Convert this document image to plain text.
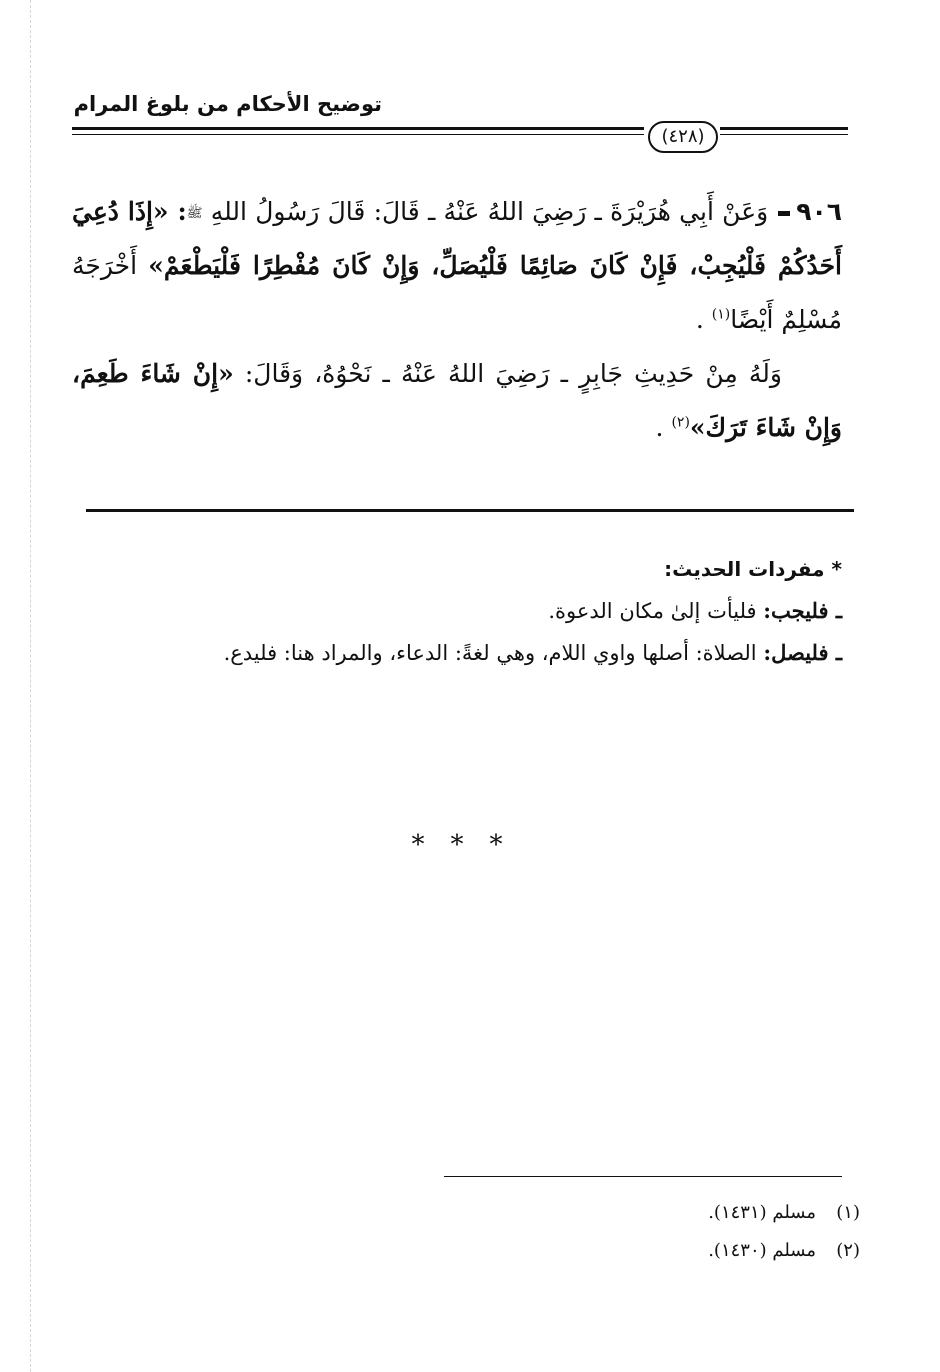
توضيح الأحكام من بلوغ المرام
(٤٢٨)

٩٠٦وَعَنْ أَبِي هُرَيْرَةَ ـ رَضِيَ اللهُ عَنْهُ ـ قَالَ: قَالَ رَسُولُ اللهِ ﷺ: «إِذَا دُعِيَ أَحَدُكُمْ فَلْيُجِبْ، فَإِنْ كَانَ صَائِمًا فَلْيُصَلِّ، وَإِنْ كَانَ مُفْطِرًا فَلْيَطْعَمْ» أَخْرَجَهُ مُسْلِمٌ أَيْضًا$^{(١)}$ .

وَلَهُ مِنْ حَدِيثِ جَابِرٍ ـ رَضِيَ اللهُ عَنْهُ ـ نَحْوُهُ، وَقَالَ: «إِنْ شَاءَ طَعِمَ، وَإِنْ شَاءَ تَرَكَ»$^{(٢)}$ .

* مفردات الحديث:
ـ فليجب: فليأت إلىٰ مكان الدعوة.
ـ فليصل: الصلاة: أصلها واوي اللام، وهي لغةً: الدعاء، والمراد هنا: فليدع.
***
(١)مسلم (١٤٣١).
(٢)مسلم (١٤٣٠).
